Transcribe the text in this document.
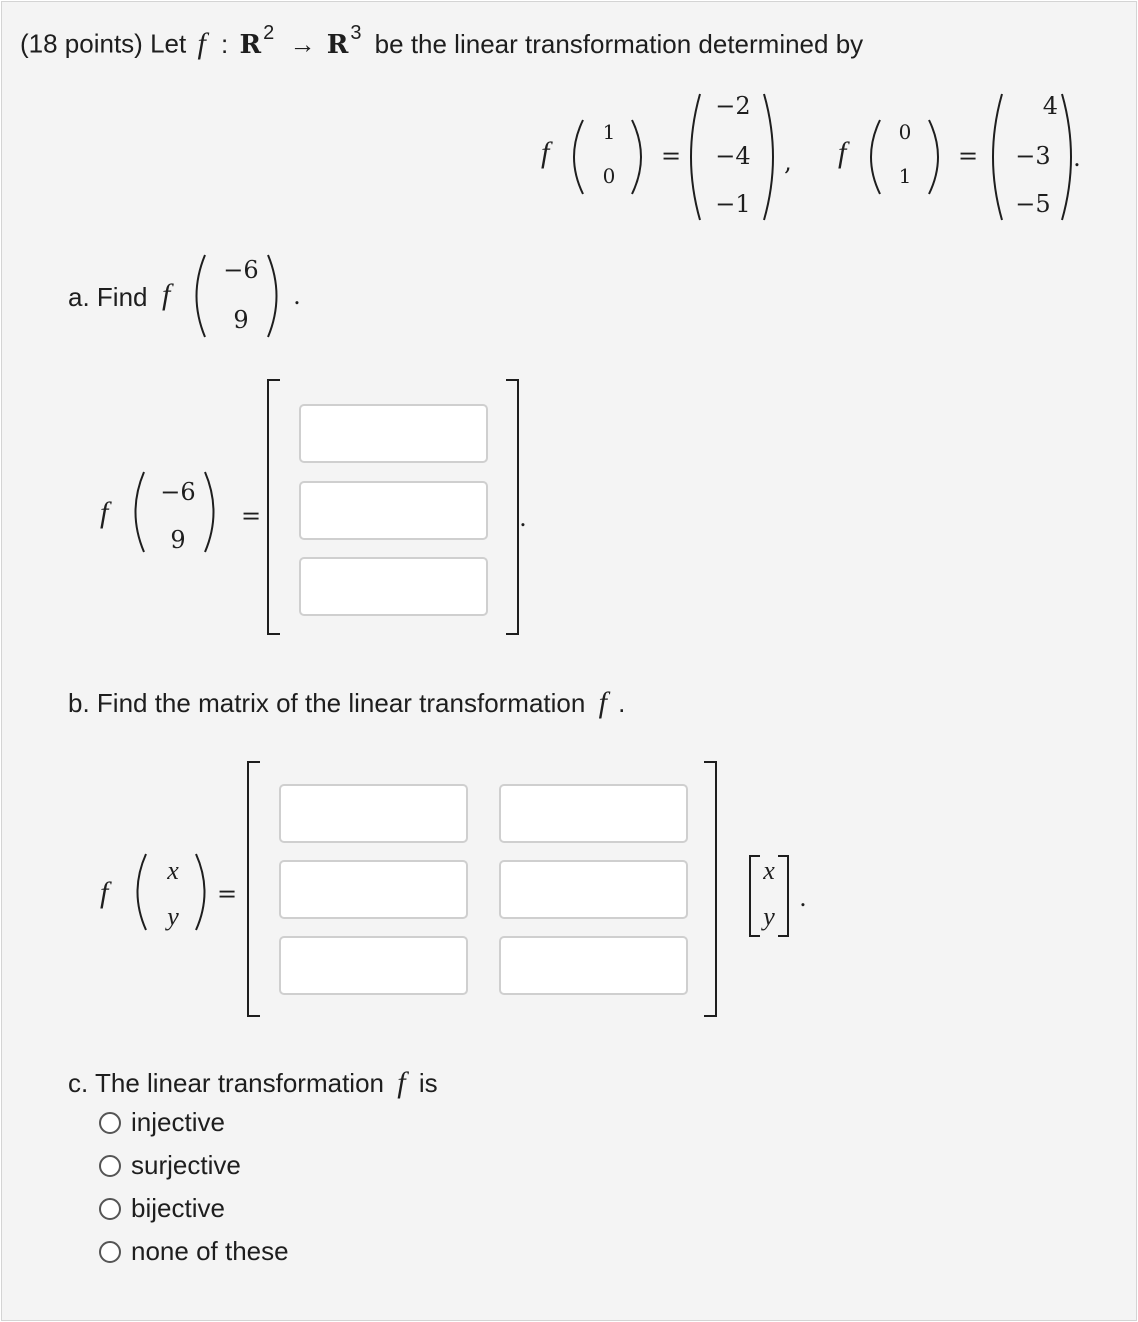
(18 points) Let f : R $^2$ → R $^3$ be the linear transformation determined by
f
1
0
=
−2
−4
−1
, f
0
1
=
4
−3
−5
.
a. Find f
−6
9
.
f
−6
9
=	.
b. Find the matrix of the linear transformation f .
f
x
y
=
x
y
.
c. The linear transformation f is
injective
surjective
bijective
none of these
